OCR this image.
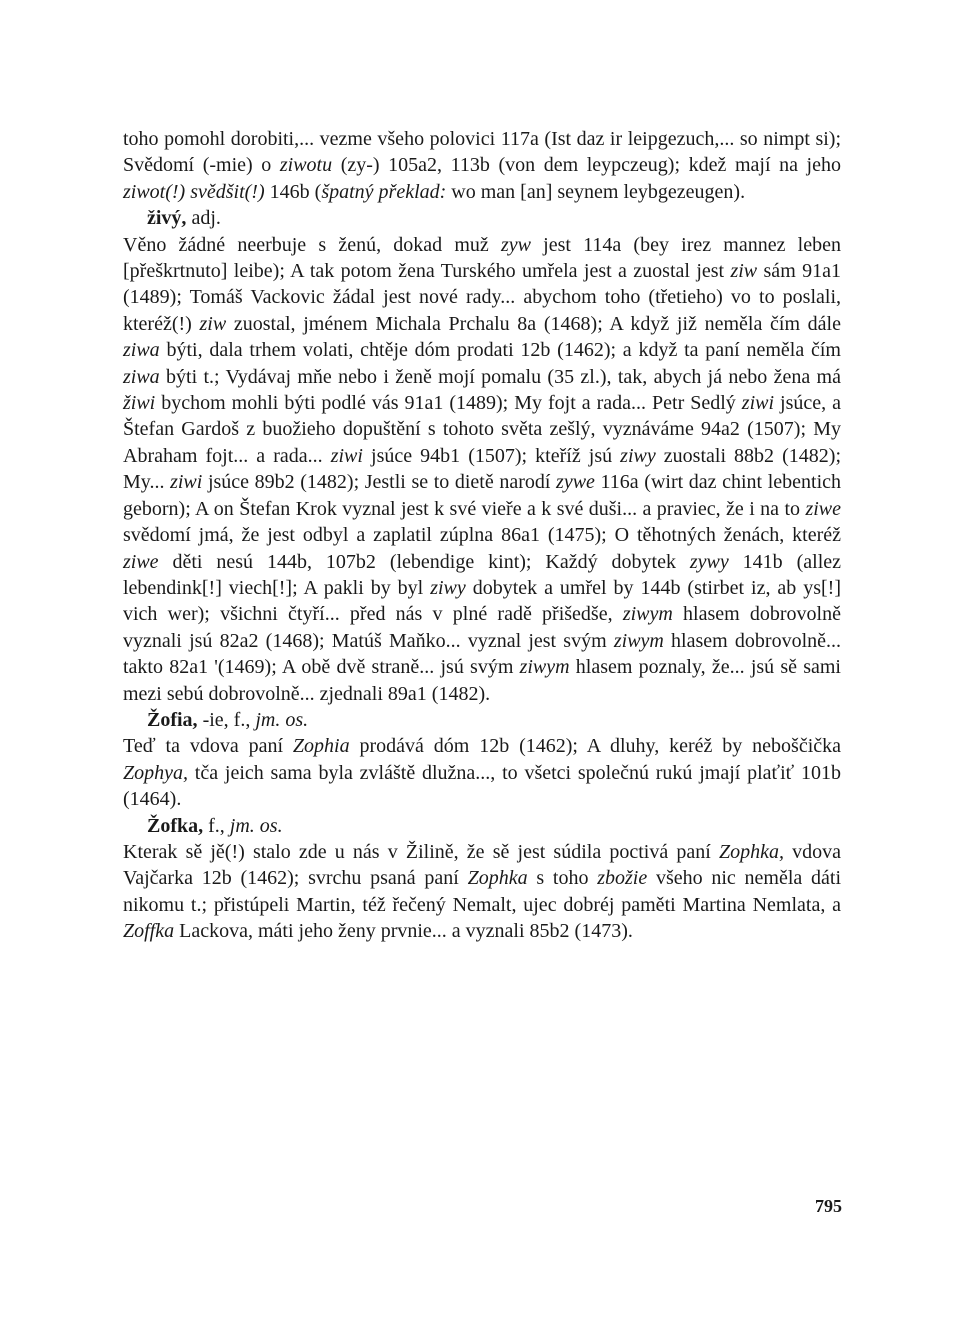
toho pomohl dorobiti,... vezme všeho polovici 117a (Ist daz ir leipgezuch,... so nimpt si); Svědomí (-mie) o ziwotu (zy-) 105a2, 113b (von dem leypczeug); kdež mají na jeho ziwot(!) svědšit(!) 146b (špatný překlad: wo man [an] seynem leybgezeugen).

živý, adj.

Věno žádné neerbuje s ženú, dokad muž zyw jest 114a (bey irez mannez leben [přeškrtnuto] leibe); A tak potom žena Turského umřela jest a zuostal jest ziw sám 91a1 (1489); Tomáš Vackovic žádal jest nové rady... abychom toho (třetieho) vo to poslali, kteréž(!) ziw zuostal, jménem Michala Prchalu 8a (1468); A když již neměla čím dále ziwa býti, dala trhem volati, chtěje dóm prodati 12b (1462); a když ta paní neměla čím ziwa býti t.; Vydávaj mňe nebo i ženě mojí pomalu (35 zl.), tak, abych já nebo žena má žiwi bychom mohli býti podlé vás 91a1 (1489); My fojt a rada... Petr Sedlý ziwi jsúce, a Štefan Gardoš z buožieho dopuštění s tohoto světa zešlý, vyznáváme 94a2 (1507); My Abraham fojt... a rada... ziwi jsúce 94b1 (1507); kteříž jsú ziwy zuostali 88b2 (1482); My... ziwi jsúce 89b2 (1482); Jestli se to dietě narodí zywe 116a (wirt daz chint lebentich geborn); A on Štefan Krok vyznal jest k své vieře a k své duši... a praviec, že i na to ziwe svědomí jmá, že jest odbyl a zaplatil zúplna 86a1 (1475); O těhotných ženách, kteréž ziwe děti nesú 144b, 107b2 (lebendige kint); Každý dobytek zywy 141b (allez lebendink[!] viech[!]; A pakli by byl ziwy dobytek a umřel by 144b (stirbet iz, ab ys[!] vich wer); všichni čtyří... před nás v plné radě přišedše, ziwym hlasem dobrovolně vyznali jsú 82a2 (1468); Matúš Maňko... vyznal jest svým ziwym hlasem dobrovolně... takto 82a1 '(1469); A obě dvě straně... jsú svým ziwym hlasem poznaly, že... jsú sě sami mezi sebú dobrovolně... zjednali 89a1 (1482).

Žofia, -ie, f., jm. os.

Teď ta vdova paní Zophia prodává dóm 12b (1462); A dluhy, keréž by neboščička Zophya, tča jeich sama byla zvláště dlužna..., to všetci společnú rukú jmají plaťiť 101b (1464).

Žofka, f., jm. os.

Kterak sě jě(!) stalo zde u nás v Žilině, že sě jest súdila poctivá paní Zophka, vdova Vajčarka 12b (1462); svrchu psaná paní Zophka s toho zbožie všeho nic neměla dáti nikomu t.; přistúpeli Martin, též řečený Nemalt, ujec dobréj paměti Martina Nemlata, a Zoffka Lackova, máti jeho ženy prvnie... a vyznali 85b2 (1473).

795
